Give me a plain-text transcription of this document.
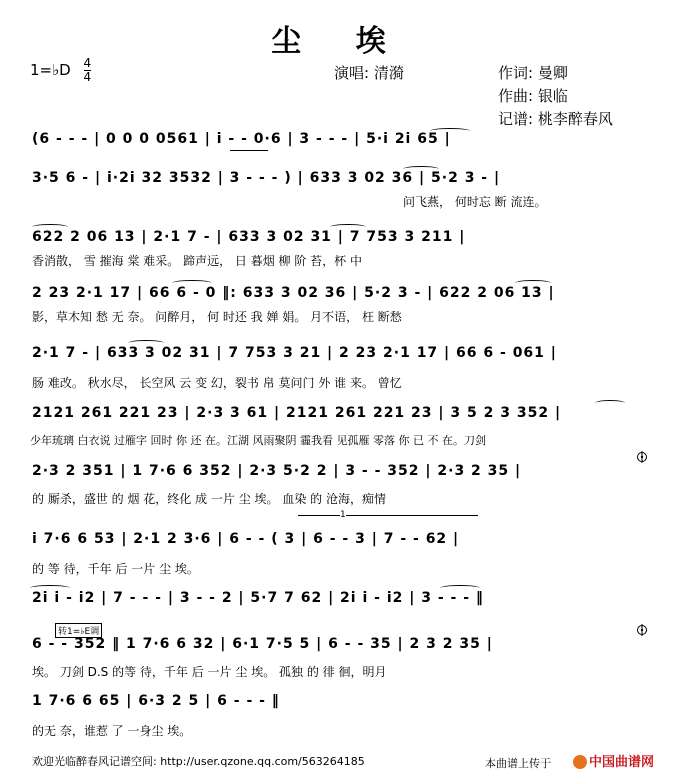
尘 埃
1=♭D $\frac{4}{4}$	演唱: 清漪	作词: 曼卿
作曲: 银临
记谱: 桃李醉春风
(6 - - - | 0 0 0 0561 | i - - 0·6 | 3 - - - | 5·i 2i 65 |
3·5 6 - | i·2i 32 3532 | 3 - - - ) | 633 3 02 36 | 5·2 3 - |
问飞燕， 何时忘 断 流连。
622 2 06 13 | 2·1 7 - | 633 3 02 31 | 7 753 3 211 |
香消散， 雪 摧海 棠 难采。 蹄声远， 日 暮烟 柳 阶 苔，杯 中
2 23 2·1 17 | 66 6 - 0 ‖: 633 3 02 36 | 5·2 3 - | 622 2 06 13 |
影，草木知 愁 无 奈。 问醉月， 何 时还 我 婵 娟。 月不语， 枉 断愁
2·1 7 - | 633 3 02 31 | 7 753 3 21 | 2 23 2·1 17 | 66 6 - 061 |
肠 难改。 秋水尽， 长空风 云 变 幻，裂书 帛 莫问门 外 谁 来。 曾忆
2121 261 221 23 | 2·3 3 61 | 2121 261 221 23 | 3 5 2 3 352 |
少年琉璃 白衣说 过雁字 回时 你 还 在。江湖 风雨聚阴 霾我看 见孤雁 零落 你 已 不 在。刀剑
2·3 2 351 | 1 7·6 6 352 | 2·3 5·2 2 | 3 - - 352 | 2·3 2 35 |
的 厮杀，盛世 的 烟 花，终化 成 一片 尘 埃。 血染 的 沧海，痴情
1
i 7·6 6 53 | 2·1 2 3·6 | 6 - - ( 3 | 6 - - 3 | 7 - - 62 |
的 等 待，千年 后 一片 尘 埃。
2i i - i2 | 7 - - - | 3 - - 2 | 5·7 7 62 | 2i i - i2 | 3 - - - ‖
转1=♭E调
6 - - 352 ‖ 1 7·6 6 32 | 6·1 7·5 5 | 6 - - 35 | 2 3 2 35 |
埃。 刀剑 D.S 的等 待，千年 后 一片 尘 埃。 孤独 的 徘 徊，明月
1 7·6 6 65 | 6·3 2 5 | 6 - - - ‖
的无 奈，谁惹 了 一身尘 埃。
欢迎光临醉春风记谱空间: http://user.qzone.qq.com/563264185	本曲谱上传于	中国曲谱网
